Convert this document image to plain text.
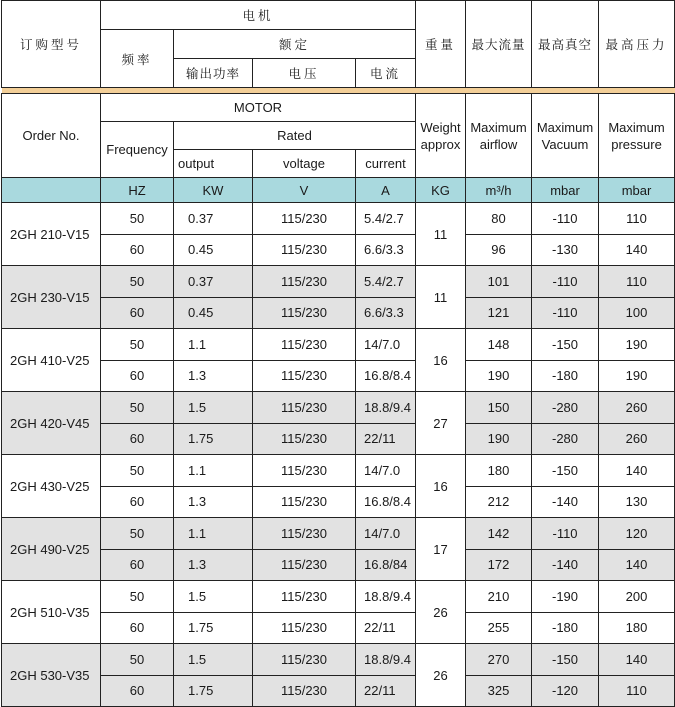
订购型号	电机				重量	最大流量	最高真空	最高压力
	频率	额定						
		输出功率	电压	电流				

Order No.	MOTOR				Weight approx	Maximum airflow	Maximum Vacuum	Maximum pressure
	Frequency	Rated						
		output	voltage	current				
	HZ	KW	V	A	KG	m³/h	mbar	mbar
2GH 210-V15	50	0.37	115/230	5.4/2.7	11	80	-110	110
	60	0.45	115/230	6.6/3.3		96	-130	140
2GH 230-V15	50	0.37	115/230	5.4/2.7	11	101	-110	110
	60	0.45	115/230	6.6/3.3		121	-110	100
2GH 410-V25	50	1.1	115/230	14/7.0	16	148	-150	190
	60	1.3	115/230	16.8/8.4		190	-180	190
2GH 420-V45	50	1.5	115/230	18.8/9.4	27	150	-280	260
	60	1.75	115/230	22/11		190	-280	260
2GH 430-V25	50	1.1	115/230	14/7.0	16	180	-150	140
	60	1.3	115/230	16.8/8.4		212	-140	130
2GH 490-V25	50	1.1	115/230	14/7.0	17	142	-110	120
	60	1.3	115/230	16.8/84		172	-140	140
2GH 510-V35	50	1.5	115/230	18.8/9.4	26	210	-190	200
	60	1.75	115/230	22/11		255	-180	180
2GH 530-V35	50	1.5	115/230	18.8/9.4	26	270	-150	140
	60	1.75	115/230	22/11		325	-120	110
